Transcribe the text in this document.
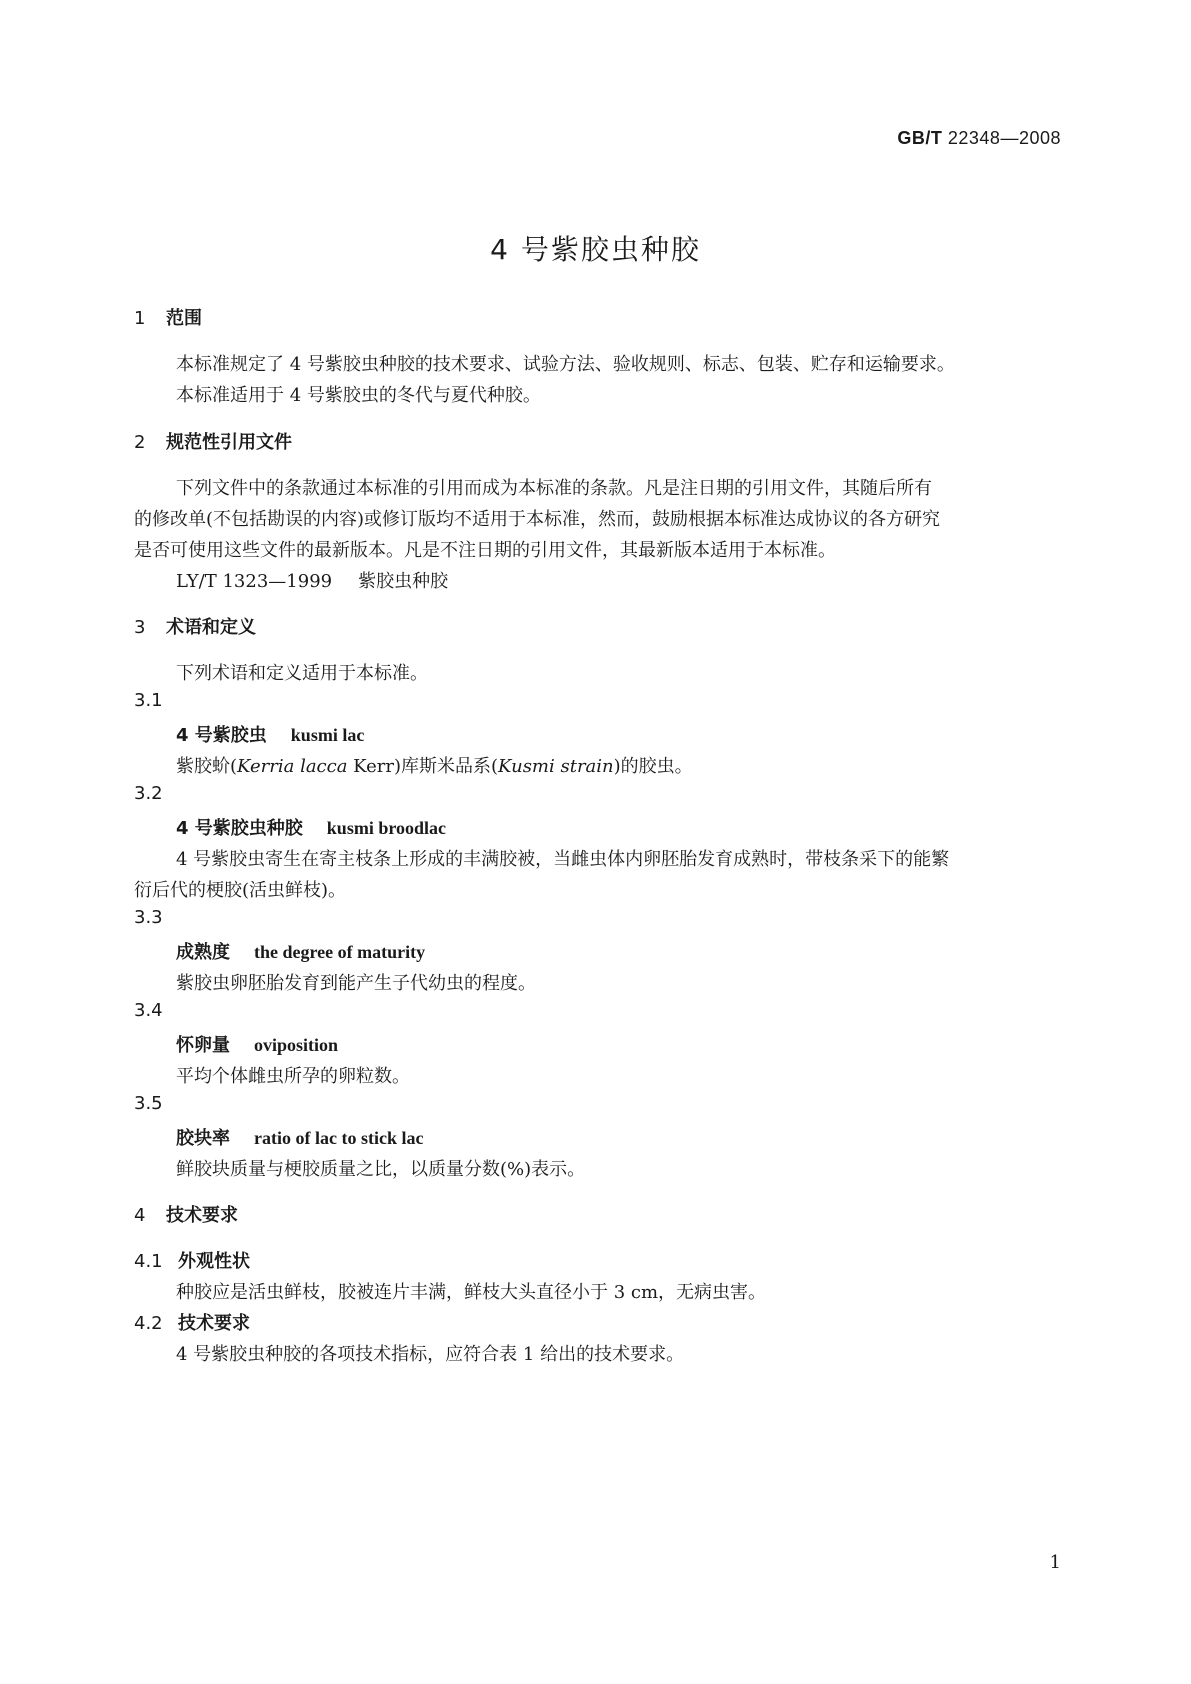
GB/T 22348—2008
4 号紫胶虫种胶
1 范围
本标准规定了 4 号紫胶虫种胶的技术要求、试验方法、验收规则、标志、包装、贮存和运输要求。
本标准适用于 4 号紫胶虫的冬代与夏代种胶。
2 规范性引用文件
下列文件中的条款通过本标准的引用而成为本标准的条款。凡是注日期的引用文件，其随后所有
的修改单(不包括勘误的内容)或修订版均不适用于本标准，然而，鼓励根据本标准达成协议的各方研究
是否可使用这些文件的最新版本。凡是不注日期的引用文件，其最新版本适用于本标准。
LY/T 1323—1999 紫胶虫种胶
3 术语和定义
下列术语和定义适用于本标准。
3.1
4 号紫胶虫 kusmi lac
紫胶蚧(Kerria lacca Kerr)库斯米品系(Kusmi strain)的胶虫。
3.2
4 号紫胶虫种胶 kusmi broodlac
4 号紫胶虫寄生在寄主枝条上形成的丰满胶被，当雌虫体内卵胚胎发育成熟时，带枝条采下的能繁
衍后代的梗胶(活虫鲜枝)。
3.3
成熟度 the degree of maturity
紫胶虫卵胚胎发育到能产生子代幼虫的程度。
3.4
怀卵量 oviposition
平均个体雌虫所孕的卵粒数。
3.5
胶块率 ratio of lac to stick lac
鲜胶块质量与梗胶质量之比，以质量分数(%)表示。
4 技术要求
4.1 外观性状
种胶应是活虫鲜枝，胶被连片丰满，鲜枝大头直径小于 3 cm，无病虫害。
4.2 技术要求
4 号紫胶虫种胶的各项技术指标，应符合表 1 给出的技术要求。
1
